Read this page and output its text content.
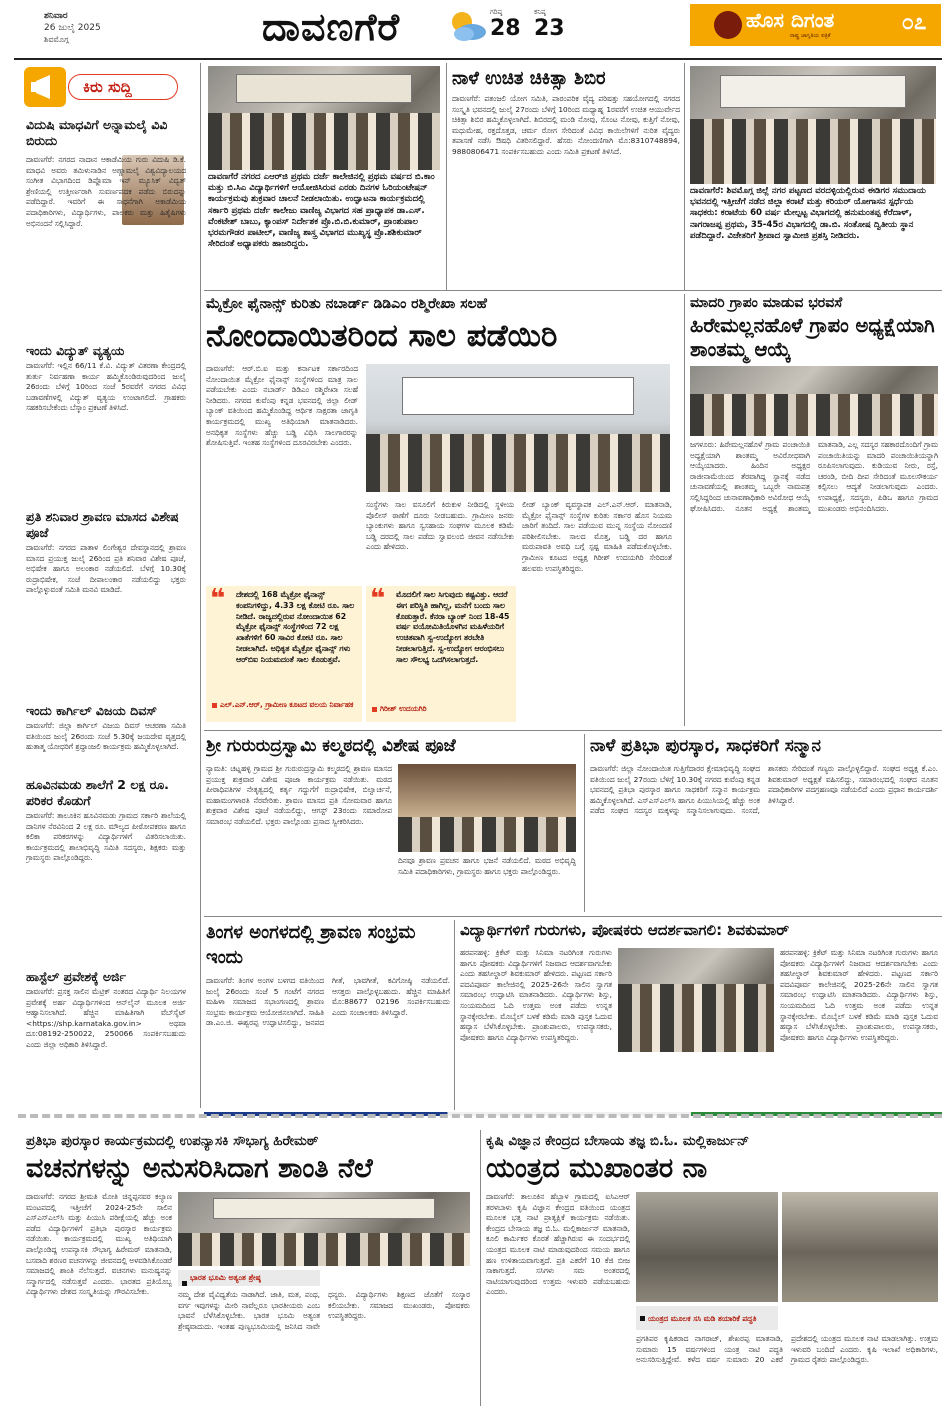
ಶನಿವಾರ
26 ಜುಲೈ 2025
ಶಿವಮೊಗ್ಗ	ದಾವಣಗೆರೆ	ಗರಿಷ್ಠ
28
ಕನಿಷ್ಠ
23	ಹೊಸ ದಿಗಂತ
ರಾಷ್ಟ್ರ ಜಾಗೃತಿಯ ಪತ್ರಿಕೆ
೦೭
ಕಿರು ಸುದ್ದಿ
ವಿದುಷಿ ಮಾಧವಿಗೆ ಅನ್ನಾಮಲೈ ವಿವಿ ಬಿರುದು
ದಾವಣಗೆರೆ: ನಗರದ ನಾದಾನ ಆಕಾಡೆಮಿಯ ಗುರು ವಿದುಷಿ ಡಿ.ಕೆ. ಮಾಧವಿ ಅವರು ತಮಿಳುನಾಡಿನ ಅಣ್ಣಾಮಲೈ ವಿಶ್ವವಿದ್ಯಾಲಯದ ಸಂಗೀತ ವಿಭಾಗದಿಂದ ಡಿಪ್ಲೊಮಾ ಇನ್ ಮ್ಯೂಸಿಕ್ ವಿದ್ವತ್ ಶ್ರೇಣಿಯಲ್ಲಿ ಉತ್ತೀರ್ಣರಾಗಿ ಸುವರ್ಣಪದಕ ಪಡೆದು ಬಿರುದನ್ನು ಪಡೆದಿದ್ದಾರೆ. ಇವರಿಗೆ ಈ ಸಾಧನೆಗಾಗಿ ಅಕಾಡೆಮಿಯ ಪದಾಧಿಕಾರಿಗಳು, ವಿದ್ಯಾರ್ಥಿಗಳು, ಪಾಲಕರು ಮತ್ತು ಹಿತೈಷಿಗಳು ಅಭಿನಂದನೆ ಸಲ್ಲಿಸಿದ್ದಾರೆ.
ಇಂದು ವಿದ್ಯುತ್ ವ್ಯತ್ಯಯ
ದಾವಣಗೆರೆ: ಇಲ್ಲಿನ 66/11 ಕೆ.ವಿ. ವಿದ್ಯುತ್ ವಿತರಣಾ ಕೇಂದ್ರದಲ್ಲಿ ತುರ್ತು ನಿರ್ವಹಣಾ ಕಾರ್ಯ ಹಮ್ಮಿಕೊಂಡಿರುವುದರಿಂದ ಜುಲೈ 26ರಂದು ಬೆಳಿಗ್ಗೆ 10ರಿಂದ ಸಂಜೆ 5ರವರೆಗೆ ನಗರದ ವಿವಿಧ ಬಡಾವಣೆಗಳಲ್ಲಿ ವಿದ್ಯುತ್ ವ್ಯತ್ಯಯ ಉಂಟಾಗಲಿದೆ. ಗ್ರಾಹಕರು ಸಹಕರಿಸಬೇಕೆಂದು ಬೆಸ್ಕಾಂ ಪ್ರಕಟಣೆ ತಿಳಿಸಿದೆ.
ಪ್ರತಿ ಶನಿವಾರ ಶ್ರಾವಣ ಮಾಸದ ವಿಶೇಷ ಪೂಜೆ
ದಾವಣಗೆರೆ: ನಗರದ ಪಾತಾಳ ಲಿಂಗೇಶ್ವರ ದೇವಸ್ಥಾನದಲ್ಲಿ ಶ್ರಾವಣ ಮಾಸದ ಪ್ರಯುಕ್ತ ಜುಲೈ 26ರಿಂದ ಪ್ರತಿ ಶನಿವಾರ ವಿಶೇಷ ಪೂಜೆ, ಅಭಿಷೇಕ ಹಾಗೂ ಅಲಂಕಾರ ನಡೆಯಲಿದೆ. ಬೆಳಗ್ಗೆ 10.30ಕ್ಕೆ ರುದ್ರಾಭಿಷೇಕ, ಸಂಜೆ ದೀಪಾಲಂಕಾರ ನಡೆಯಲಿದ್ದು ಭಕ್ತರು ಪಾಲ್ಗೊಳ್ಳುವಂತೆ ಸಮಿತಿ ಮನವಿ ಮಾಡಿದೆ.
ಇಂದು ಕಾರ್ಗಿಲ್ ವಿಜಯ ದಿವಸ್
ದಾವಣಗೆರೆ: ಜಿಲ್ಲಾ ಕಾರ್ಗಿಲ್ ವಿಜಯ ದಿವಸ್ ಆಚರಣಾ ಸಮಿತಿ ವತಿಯಿಂದ ಜುಲೈ 26ರಂದು ಸಂಜೆ 5.30ಕ್ಕೆ ಜಯದೇವ ವೃತ್ತದಲ್ಲಿ ಹುತಾತ್ಮ ಯೋಧರಿಗೆ ಶ್ರದ್ಧಾಂಜಲಿ ಕಾರ್ಯಕ್ರಮ ಹಮ್ಮಿಕೊಳ್ಳಲಾಗಿದೆ.
ಹೂವಿನಮಡು ಶಾಲೆಗೆ 2 ಲಕ್ಷ ರೂ. ಪರಿಕರ ಕೊಡುಗೆ
ದಾವಣಗೆರೆ: ತಾಲೂಕಿನ ಹೂವಿನಮಡು ಗ್ರಾಮದ ಸರ್ಕಾರಿ ಶಾಲೆಯಲ್ಲಿ ದಾನಿಗಳ ನೆರವಿನಿಂದ 2 ಲಕ್ಷ ರೂ. ಮೌಲ್ಯದ ಪೀಠೋಪಕರಣ ಹಾಗೂ ಕಲಿಕಾ ಪರಿಕರಗಳನ್ನು ವಿದ್ಯಾರ್ಥಿಗಳಿಗೆ ವಿತರಿಸಲಾಯಿತು. ಕಾರ್ಯಕ್ರಮದಲ್ಲಿ ಶಾಲಾಭಿವೃದ್ಧಿ ಸಮಿತಿ ಸದಸ್ಯರು, ಶಿಕ್ಷಕರು ಮತ್ತು ಗ್ರಾಮಸ್ಥರು ಪಾಲ್ಗೊಂಡಿದ್ದರು.
ಹಾಸ್ಟೆಲ್ ಪ್ರವೇಶಕ್ಕೆ ಅರ್ಜಿ
ದಾವಣಗೆರೆ: ಪ್ರಸಕ್ತ ಸಾಲಿನ ಮೆಟ್ರಿಕ್ ನಂತರದ ವಿದ್ಯಾರ್ಥಿ ನಿಲಯಗಳ ಪ್ರವೇಶಕ್ಕೆ ಅರ್ಹ ವಿದ್ಯಾರ್ಥಿಗಳಿಂದ ಆನ್‌ಲೈನ್ ಮೂಲಕ ಅರ್ಜಿ ಆಹ್ವಾನಿಸಲಾಗಿದೆ. ಹೆಚ್ಚಿನ ಮಾಹಿತಿಗಾಗಿ ವೆಬ್‌ಸೈಟ್ <https://shp.karnataka.gov.in> ಅಥವಾ ದೂ:08192-250022, 250066 ಸಂಪರ್ಕಿಸಬಹುದು ಎಂದು ಜಿಲ್ಲಾ ಅಧಿಕಾರಿ ತಿಳಿಸಿದ್ದಾರೆ.
ದಾವಣಗೆರೆ ನಗರದ ಎಆರ್‌ಜಿ ಪ್ರಥಮ ದರ್ಜೆ ಕಾಲೇಜಿನಲ್ಲಿ ಪ್ರಥಮ ವರ್ಷದ ಬಿ.ಕಾಂ ಮತ್ತು ಬಿ.ಸಿಎ ವಿದ್ಯಾರ್ಥಿಗಳಿಗೆ ಆಯೋಜಿಸಿರುವ ಎರಡು ದಿನಗಳ ಓರಿಯಂಟೇಷನ್ ಕಾರ್ಯಕ್ರಮವು ಶುಕ್ರವಾರ ಚಾಲನೆ ನೀಡಲಾಯಿತು. ಉದ್ಘಾಟನಾ ಕಾರ್ಯಕ್ರಮದಲ್ಲಿ ಸರ್ಕಾರಿ ಪ್ರಥಮ ದರ್ಜೆ ಕಾಲೇಜು ವಾಣಿಜ್ಯ ವಿಭಾಗದ ಸಹ ಪ್ರಾಧ್ಯಾಪಕ ಡಾ.ಎಸ್. ವೆಂಕಟೇಶ್ ಬಾಬು, ಕ್ಯಾಂಪಸ್ ನಿರ್ದೇಶಕ ಪ್ರೊ.ಬಿ.ಬಿ.ಕುಮಾರ್, ಪ್ರಾಂಶುಪಾಲ ಭರಮಗೌಡರ ಪಾಟೀಲ್, ವಾಣಿಜ್ಯ ಶಾಸ್ತ್ರ ವಿಭಾಗದ ಮುಖ್ಯಸ್ಥ ಪ್ರೊ.ಶಶಿಕುಮಾರ್ ಸೇರಿದಂತೆ ಅಧ್ಯಾಪಕರು ಹಾಜರಿದ್ದರು.
ನಾಳೆ ಉಚಿತ ಚಿಕಿತ್ಸಾ ಶಿಬಿರ
ದಾವಣಗೆರೆ: ಪತಂಜಲಿ ಯೋಗ ಸಮಿತಿ, ಪಾರಂಪರಿಕ ವೈದ್ಯ ಪರಿಷತ್ತು ಸಹಯೋಗದಲ್ಲಿ ನಗರದ ಸಂಸ್ಕೃತಿ ಭವನದಲ್ಲಿ ಜುಲೈ 27ರಂದು ಬೆಳಿಗ್ಗೆ 10ರಿಂದ ಮಧ್ಯಾಹ್ನ 1ರವರೆಗೆ ಉಚಿತ ಆಯುರ್ವೇದ ಚಿಕಿತ್ಸಾ ಶಿಬಿರ ಹಮ್ಮಿಕೊಳ್ಳಲಾಗಿದೆ. ಶಿಬಿರದಲ್ಲಿ ಮಂಡಿ ನೋವು, ಸೊಂಟ ನೋವು, ಕುತ್ತಿಗೆ ನೋವು, ಮಧುಮೇಹ, ರಕ್ತದೊತ್ತಡ, ಚರ್ಮ ರೋಗ ಸೇರಿದಂತೆ ವಿವಿಧ ಕಾಯಿಲೆಗಳಿಗೆ ನುರಿತ ವೈದ್ಯರು ತಪಾಸಣೆ ನಡೆಸಿ ಔಷಧಿ ವಿತರಿಸಲಿದ್ದಾರೆ. ಹೆಸರು ನೋಂದಣಿಗಾಗಿ ಮೊ:8310748894, 9880806471 ಸಂಪರ್ಕಿಸಬಹುದು ಎಂದು ಸಮಿತಿ ಪ್ರಕಟಣೆ ತಿಳಿಸಿದೆ.
ದಾವಣಗೆರೆ: ಶಿವಮೊಗ್ಗ ಜಿಲ್ಲೆ ನಗರ ಪಟ್ಟಣದ ವರದಳ್ಳಿಯಲ್ಲಿರುವ ಈಡಿಗರ ಸಮುದಾಯ ಭವನದಲ್ಲಿ ಇತ್ತೀಚೆಗೆ ನಡೆದ ಜಿಲ್ಲಾ ಕರಾಟೆ ಮತ್ತು ಕರಿಯರ್ ಯೋಗಾಸನ ಸ್ಪರ್ಧೆಯ ಸಾಧಕರು: ಕರಾಟೆಯ 60 ವರ್ಷ ಮೇಲ್ಪಟ್ಟ ವಿಭಾಗದಲ್ಲಿ ಹನುಮಂತಪ್ಪ ಕೆರೆದಾಳ್, ನಾಗರಾಜಪ್ಪ ಪ್ರಥಮ, 35-45ರ ವಿಭಾಗದಲ್ಲಿ ಡಾ.ಬಿ. ಸಂತೋಷ ದ್ವಿತೀಯ ಸ್ಥಾನ ಪಡೆದಿದ್ದಾರೆ. ವಿಜೇತರಿಗೆ ಶ್ರೀಪಾದ ಸ್ವಾಮೀಜಿ ಪ್ರಶಸ್ತಿ ನೀಡಿದರು.
ಮೈಕ್ರೋ ಫೈನಾನ್ಸ್ ಕುರಿತು ನಬಾರ್ಡ್ ಡಿಡಿಎಂ ರಶ್ಮಿರೇಖಾ ಸಲಹೆ
ನೋಂದಾಯಿತರಿಂದ ಸಾಲ ಪಡೆಯಿರಿ
ದಾವಣಗೆರೆ: ಆರ್.ಬಿ.ಐ ಮತ್ತು ಕರ್ನಾಟಕ ಸರ್ಕಾರದಿಂದ ನೋಂದಾಯಿತ ಮೈಕ್ರೋ ಫೈನಾನ್ಸ್ ಸಂಸ್ಥೆಗಳಿಂದ ಮಾತ್ರ ಸಾಲ ಪಡೆಯಬೇಕು ಎಂದು ನಬಾರ್ಡ್ ಡಿಡಿಎಂ ರಶ್ಮಿರೇಖಾ ಸಲಹೆ ನೀಡಿದರು. ನಗರದ ಕುವೆಂಪು ಕನ್ನಡ ಭವನದಲ್ಲಿ ಜಿಲ್ಲಾ ಲೀಡ್ ಬ್ಯಾಂಕ್ ವತಿಯಿಂದ ಹಮ್ಮಿಕೊಂಡಿದ್ದ ಆರ್ಥಿಕ ಸಾಕ್ಷರತಾ ಜಾಗೃತಿ ಕಾರ್ಯಕ್ರಮದಲ್ಲಿ ಮುಖ್ಯ ಅತಿಥಿಯಾಗಿ ಮಾತನಾಡಿದರು. ಅನಧಿಕೃತ ಸಂಸ್ಥೆಗಳು ಹೆಚ್ಚು ಬಡ್ಡಿ ವಿಧಿಸಿ ಸಾಲಗಾರರನ್ನು ಶೋಷಿಸುತ್ತಿವೆ. ಇಂತಹ ಸಂಸ್ಥೆಗಳಿಂದ ದೂರವಿರಬೇಕು ಎಂದರು.
ಸಂಸ್ಥೆಗಳು ಸಾಲ ವಸೂಲಿಗೆ ಕಿರುಕುಳ ನೀಡಿದಲ್ಲಿ ಸ್ಥಳೀಯ ಪೊಲೀಸ್ ಠಾಣೆಗೆ ದೂರು ನೀಡಬಹುದು. ಗ್ರಾಮೀಣ ಜನರು ಬ್ಯಾಂಕುಗಳು ಹಾಗೂ ಸ್ವಸಹಾಯ ಸಂಘಗಳ ಮೂಲಕ ಕಡಿಮೆ ಬಡ್ಡಿ ದರದಲ್ಲಿ ಸಾಲ ಪಡೆದು ಸ್ವಾವಲಂಬಿ ಜೀವನ ನಡೆಸಬೇಕು ಎಂದು ಹೇಳಿದರು.
ಲೀಡ್ ಬ್ಯಾಂಕ್ ವ್ಯವಸ್ಥಾಪಕ ಎಲ್.ಎನ್.ಆರ್. ಮಾತನಾಡಿ, ಮೈಕ್ರೋ ಫೈನಾನ್ಸ್ ಸಂಸ್ಥೆಗಳ ಕುರಿತು ಸರ್ಕಾರ ಹೊಸ ನಿಯಮ ಜಾರಿಗೆ ತಂದಿದೆ. ಸಾಲ ಪಡೆಯುವ ಮುನ್ನ ಸಂಸ್ಥೆಯ ನೋಂದಣಿ ಪರಿಶೀಲಿಸಬೇಕು. ಸಾಲದ ಮೊತ್ತ, ಬಡ್ಡಿ ದರ ಹಾಗೂ ಮರುಪಾವತಿ ಅವಧಿ ಬಗ್ಗೆ ಸ್ಪಷ್ಟ ಮಾಹಿತಿ ಪಡೆದುಕೊಳ್ಳಬೇಕು. ಗ್ರಾಮೀಣ ಕೂಟದ ಅಧ್ಯಕ್ಷ ಗಿರೀಶ್ ಉದಯಗಿರಿ ಸೇರಿದಂತೆ ಹಲವರು ಉಪಸ್ಥಿತರಿದ್ದರು.
❝	ದೇಶದಲ್ಲಿ 168 ಮೈಕ್ರೋ ಫೈನಾನ್ಸ್ ಕಂಪನಿಗಳಿದ್ದು, 4.33 ಲಕ್ಷ ಕೋಟಿ ರೂ. ಸಾಲ ನೀಡಿದೆ. ರಾಜ್ಯದಲ್ಲಿರುವ ನೋಂದಾಯಿತ 62 ಮೈಕ್ರೋ ಫೈನಾನ್ಸ್ ಸಂಸ್ಥೆಗಳಿಂದ 72 ಲಕ್ಷ ಖಾತೆಗಳಿಗೆ 60 ಸಾವಿರ ಕೋಟಿ ರೂ. ಸಾಲ ನೀಡಲಾಗಿದೆ. ಅಧಿಕೃತ ಮೈಕ್ರೋ ಫೈನಾನ್ಸ್ ಗಳು ಆರ್‌ಬಿಐ ನಿಯಮದಂತೆ ಸಾಲ ಕೊಡುತ್ತವೆ.
ಎಲ್.ಎನ್.ಆರ್, ಗ್ರಾಮೀಣ ಕೂಟದ ವಲಯ ನಿರ್ವಾಹಕ
❝	ಮೊದಲಿಗೆ ಸಾಲ ಸಿಗುವುದು ಕಷ್ಟವಿತ್ತು. ಆದರೆ ಈಗ ಪರಿಸ್ಥಿತಿ ಹಾಗಿಲ್ಲ, ಮನೆಗೆ ಬಂದು ಸಾಲ ಕೊಡುತ್ತಾರೆ. ಕೆನರಾ ಬ್ಯಾಂಕ್ ನಿಂದ 18-45 ವರ್ಷ ವಯೋಮಿತಿಯೊಳಗಿನ ಮಹಿಳೆಯರಿಗೆ ಉಚಿತವಾಗಿ ಸ್ವ-ಉದ್ಯೋಗ ತರಬೇತಿ ನೀಡಲಾಗುತ್ತಿದೆ. ಸ್ವ-ಉದ್ಯೋಗ ಆರಂಭಿಸಲು ಸಾಲ ಸೌಲಭ್ಯ ಒದಗಿಸಲಾಗುತ್ತದೆ.
ಗಿರೀಶ್ ಉದಯಗಿರಿ
ಮಾದರಿ ಗ್ರಾಪಂ ಮಾಡುವ ಭರವಸೆ
ಹಿರೇಮಲ್ಲನಹೊಳೆ ಗ್ರಾಪಂ ಅಧ್ಯಕ್ಷೆಯಾಗಿ ಶಾಂತಮ್ಮ ಆಯ್ಕೆ
ಜಗಳೂರು: ಹಿರೇಮಲ್ಲನಹೊಳೆ ಗ್ರಾಮ ಪಂಚಾಯಿತಿ ಅಧ್ಯಕ್ಷೆಯಾಗಿ ಶಾಂತಮ್ಮ ಅವಿರೋಧವಾಗಿ ಆಯ್ಕೆಯಾದರು. ಹಿಂದಿನ ಅಧ್ಯಕ್ಷರ ರಾಜೀನಾಮೆಯಿಂದ ತೆರವಾಗಿದ್ದ ಸ್ಥಾನಕ್ಕೆ ನಡೆದ ಚುನಾವಣೆಯಲ್ಲಿ ಶಾಂತಮ್ಮ ಒಬ್ಬರೇ ನಾಮಪತ್ರ ಸಲ್ಲಿಸಿದ್ದರಿಂದ ಚುನಾವಣಾಧಿಕಾರಿ ಅವಿರೋಧ ಆಯ್ಕೆ ಘೋಷಿಸಿದರು. ನೂತನ ಅಧ್ಯಕ್ಷೆ ಶಾಂತಮ್ಮ ಮಾತನಾಡಿ, ಎಲ್ಲ ಸದಸ್ಯರ ಸಹಕಾರದೊಂದಿಗೆ ಗ್ರಾಮ ಪಂಚಾಯಿತಿಯನ್ನು ಮಾದರಿ ಪಂಚಾಯಿತಿಯನ್ನಾಗಿ ರೂಪಿಸಲಾಗುವುದು. ಕುಡಿಯುವ ನೀರು, ರಸ್ತೆ, ಚರಂಡಿ, ಬೀದಿ ದೀಪ ಸೇರಿದಂತೆ ಮೂಲಸೌಕರ್ಯ ಕಲ್ಪಿಸಲು ಆದ್ಯತೆ ನೀಡಲಾಗುವುದು ಎಂದರು. ಉಪಾಧ್ಯಕ್ಷೆ, ಸದಸ್ಯರು, ಪಿಡಿಒ ಹಾಗೂ ಗ್ರಾಮದ ಮುಖಂಡರು ಅಭಿನಂದಿಸಿದರು.
ಶ್ರೀ ಗುರುರುದ್ರಸ್ವಾಮಿ ಕಲ್ಮಠದಲ್ಲಿ ವಿಶೇಷ ಪೂಜೆ
ನ್ಯಾಮತಿ: ಚಟ್ನಹಳ್ಳಿ ಗ್ರಾಮದ ಶ್ರೀ ಗುರುರುದ್ರಸ್ವಾಮಿ ಕಲ್ಮಠದಲ್ಲಿ ಶ್ರಾವಣ ಮಾಸದ ಪ್ರಯುಕ್ತ ಶುಕ್ರವಾರ ವಿಶೇಷ ಪೂಜಾ ಕಾರ್ಯಕ್ರಮ ನಡೆಯಿತು. ಮಠದ ಪೀಠಾಧಿಪತಿಗಳ ನೇತೃತ್ವದಲ್ಲಿ ಕರ್ತೃ ಗದ್ದುಗೆಗೆ ರುದ್ರಾಭಿಷೇಕ, ಬಿಲ್ವಾರ್ಚನೆ, ಮಹಾಮಂಗಳಾರತಿ ನೆರವೇರಿತು. ಶ್ರಾವಣ ಮಾಸದ ಪ್ರತಿ ಸೋಮವಾರ ಹಾಗೂ ಶುಕ್ರವಾರ ವಿಶೇಷ ಪೂಜೆ ನಡೆಯಲಿದ್ದು, ಆಗಸ್ಟ್ 23ರಂದು ಸಮಾರೋಪ ಸಮಾರಂಭ ನಡೆಯಲಿದೆ. ಭಕ್ತರು ಪಾಲ್ಗೊಂಡು ಪ್ರಸಾದ ಸ್ವೀಕರಿಸಿದರು.
ದಿನವೂ ಶ್ರಾವಣ ಪ್ರವಚನ ಹಾಗೂ ಭಜನೆ ನಡೆಯಲಿದೆ. ಮಠದ ಅಭಿವೃದ್ಧಿ ಸಮಿತಿ ಪದಾಧಿಕಾರಿಗಳು, ಗ್ರಾಮಸ್ಥರು ಹಾಗೂ ಭಕ್ತರು ಪಾಲ್ಗೊಂಡಿದ್ದರು.
ನಾಳೆ ಪ್ರತಿಭಾ ಪುರಸ್ಕಾರ, ಸಾಧಕರಿಗೆ ಸನ್ಮಾನ
ದಾವಣಗೆರೆ: ಜಿಲ್ಲಾ ನೋಂದಾಯಿತ ಗುತ್ತಿಗೆದಾರರ ಕ್ಷೇಮಾಭಿವೃದ್ಧಿ ಸಂಘದ ವತಿಯಿಂದ ಜುಲೈ 27ರಂದು ಬೆಳಿಗ್ಗೆ 10.30ಕ್ಕೆ ನಗರದ ಕುವೆಂಪು ಕನ್ನಡ ಭವನದಲ್ಲಿ ಪ್ರತಿಭಾ ಪುರಸ್ಕಾರ ಹಾಗೂ ಸಾಧಕರಿಗೆ ಸನ್ಮಾನ ಕಾರ್ಯಕ್ರಮ ಹಮ್ಮಿಕೊಳ್ಳಲಾಗಿದೆ. ಎಸ್‌ಎಸ್‌ಎಲ್‌ಸಿ ಹಾಗೂ ಪಿಯುಸಿಯಲ್ಲಿ ಹೆಚ್ಚು ಅಂಕ ಪಡೆದ ಸಂಘದ ಸದಸ್ಯರ ಮಕ್ಕಳನ್ನು ಸನ್ಮಾನಿಸಲಾಗುವುದು. ಸಂಸದೆ, ಶಾಸಕರು ಸೇರಿದಂತೆ ಗಣ್ಯರು ಪಾಲ್ಗೊಳ್ಳಲಿದ್ದಾರೆ. ಸಂಘದ ಅಧ್ಯಕ್ಷ ಕೆ.ಎಂ. ಶಿವಕುಮಾರ್ ಅಧ್ಯಕ್ಷತೆ ವಹಿಸಲಿದ್ದು, ಸಮಾರಂಭದಲ್ಲಿ ಸಂಘದ ನೂತನ ಪದಾಧಿಕಾರಿಗಳ ಪದಗ್ರಹಣವೂ ನಡೆಯಲಿದೆ ಎಂದು ಪ್ರಧಾನ ಕಾರ್ಯದರ್ಶಿ ತಿಳಿಸಿದ್ದಾರೆ.
ತಿಂಗಳ ಅಂಗಳದಲ್ಲಿ ಶ್ರಾವಣ ಸಂಭ್ರಮ ಇಂದು
ದಾವಣಗೆರೆ: ತಿಂಗಳ ಅಂಗಳ ಬಳಗದ ವತಿಯಿಂದ ಜುಲೈ 26ರಂದು ಸಂಜೆ 5 ಗಂಟೆಗೆ ನಗರದ ಮಹಿಳಾ ಸಮಾಜದ ಸಭಾಂಗಣದಲ್ಲಿ ಶ್ರಾವಣ ಸಂಭ್ರಮ ಕಾರ್ಯಕ್ರಮ ಆಯೋಜಿಸಲಾಗಿದೆ. ಸಾಹಿತಿ ಡಾ.ಎಂ.ಜಿ. ಈಶ್ವರಪ್ಪ ಉದ್ಘಾಟಿಸಲಿದ್ದು, ಜನಪದ ಗೀತೆ, ಭಾವಗೀತೆ, ಕವಿಗೋಷ್ಠಿ ನಡೆಯಲಿದೆ. ಆಸಕ್ತರು ಪಾಲ್ಗೊಳ್ಳಬಹುದು. ಹೆಚ್ಚಿನ ಮಾಹಿತಿಗೆ ಮೊ:88677 02196 ಸಂಪರ್ಕಿಸಬಹುದು ಎಂದು ಸಂಚಾಲಕರು ತಿಳಿಸಿದ್ದಾರೆ.
ವಿದ್ಯಾರ್ಥಿಗಳಿಗೆ ಗುರುಗಳು, ಪೋಷಕರು ಆದರ್ಶವಾಗಲಿ: ಶಿವಕುಮಾರ್
ಹರಪನಹಳ್ಳಿ: ಕ್ರಿಕೆಟ್ ಮತ್ತು ಸಿನಿಮಾ ನಟರಿಗಿಂತ ಗುರುಗಳು ಹಾಗೂ ಪೋಷಕರು ವಿದ್ಯಾರ್ಥಿಗಳಿಗೆ ನಿಜವಾದ ಆದರ್ಶವಾಗಬೇಕು ಎಂದು ತಹಸೀಲ್ದಾರ್ ಶಿವಕುಮಾರ್ ಹೇಳಿದರು. ಪಟ್ಟಣದ ಸರ್ಕಾರಿ ಪದವಿಪೂರ್ವ ಕಾಲೇಜಿನಲ್ಲಿ 2025-26ನೇ ಸಾಲಿನ ಸ್ವಾಗತ ಸಮಾರಂಭ ಉದ್ಘಾಟಿಸಿ ಮಾತನಾಡಿದರು. ವಿದ್ಯಾರ್ಥಿಗಳು ಶಿಸ್ತು, ಸಂಯಮದಿಂದ ಓದಿ ಉತ್ತಮ ಅಂಕ ಪಡೆದು ಉನ್ನತ ಸ್ಥಾನಕ್ಕೇರಬೇಕು. ಮೊಬೈಲ್ ಬಳಕೆ ಕಡಿಮೆ ಮಾಡಿ ಪುಸ್ತಕ ಓದುವ ಹವ್ಯಾಸ ಬೆಳೆಸಿಕೊಳ್ಳಬೇಕು. ಪ್ರಾಂಶುಪಾಲರು, ಉಪನ್ಯಾಸಕರು, ಪೋಷಕರು ಹಾಗೂ ವಿದ್ಯಾರ್ಥಿಗಳು ಉಪಸ್ಥಿತರಿದ್ದರು.
ಹರಪನಹಳ್ಳಿ: ಕ್ರಿಕೆಟ್ ಮತ್ತು ಸಿನಿಮಾ ನಟರಿಗಿಂತ ಗುರುಗಳು ಹಾಗೂ ಪೋಷಕರು ವಿದ್ಯಾರ್ಥಿಗಳಿಗೆ ನಿಜವಾದ ಆದರ್ಶವಾಗಬೇಕು ಎಂದು ತಹಸೀಲ್ದಾರ್ ಶಿವಕುಮಾರ್ ಹೇಳಿದರು. ಪಟ್ಟಣದ ಸರ್ಕಾರಿ ಪದವಿಪೂರ್ವ ಕಾಲೇಜಿನಲ್ಲಿ 2025-26ನೇ ಸಾಲಿನ ಸ್ವಾಗತ ಸಮಾರಂಭ ಉದ್ಘಾಟಿಸಿ ಮಾತನಾಡಿದರು. ವಿದ್ಯಾರ್ಥಿಗಳು ಶಿಸ್ತು, ಸಂಯಮದಿಂದ ಓದಿ ಉತ್ತಮ ಅಂಕ ಪಡೆದು ಉನ್ನತ ಸ್ಥಾನಕ್ಕೇರಬೇಕು. ಮೊಬೈಲ್ ಬಳಕೆ ಕಡಿಮೆ ಮಾಡಿ ಪುಸ್ತಕ ಓದುವ ಹವ್ಯಾಸ ಬೆಳೆಸಿಕೊಳ್ಳಬೇಕು. ಪ್ರಾಂಶುಪಾಲರು, ಉಪನ್ಯಾಸಕರು, ಪೋಷಕರು ಹಾಗೂ ವಿದ್ಯಾರ್ಥಿಗಳು ಉಪಸ್ಥಿತರಿದ್ದರು.
ಪ್ರತಿಭಾ ಪುರಸ್ಕಾರ ಕಾರ್ಯಕ್ರಮದಲ್ಲಿ ಉಪನ್ಯಾಸಕಿ ಸೌಭಾಗ್ಯ ಹಿರೇಮಠ್
ವಚನಗಳನ್ನು ಅನುಸರಿಸಿದಾಗ ಶಾಂತಿ ನೆಲೆ
ದಾವಣಗೆರೆ: ನಗರದ ಶ್ರೀಮತಿ ಮೋತಿ ಚಿನ್ನಪ್ಪನವರ ಕಲ್ಯಾಣ ಮಂಟಪದಲ್ಲಿ ಇತ್ತೀಚೆಗೆ 2024-25ನೇ ಸಾಲಿನ ಎಸ್‌ಎಸ್‌ಎಲ್‌ಸಿ ಮತ್ತು ಪಿಯುಸಿ ಪರೀಕ್ಷೆಯಲ್ಲಿ ಹೆಚ್ಚು ಅಂಕ ಪಡೆದ ವಿದ್ಯಾರ್ಥಿಗಳಿಗೆ ಪ್ರತಿಭಾ ಪುರಸ್ಕಾರ ಕಾರ್ಯಕ್ರಮ ನಡೆಯಿತು. ಕಾರ್ಯಕ್ರಮದಲ್ಲಿ ಮುಖ್ಯ ಅತಿಥಿಯಾಗಿ ಪಾಲ್ಗೊಂಡಿದ್ದ ಉಪನ್ಯಾಸಕಿ ಸೌಭಾಗ್ಯ ಹಿರೇಮಠ್ ಮಾತನಾಡಿ, ಬಸವಾದಿ ಶರಣರ ವಚನಗಳನ್ನು ಜೀವನದಲ್ಲಿ ಅಳವಡಿಸಿಕೊಂಡರೆ ಸಮಾಜದಲ್ಲಿ ಶಾಂತಿ ನೆಲೆಸುತ್ತದೆ. ವಚನಗಳು ಮನುಷ್ಯನನ್ನು ಸನ್ಮಾರ್ಗದಲ್ಲಿ ನಡೆಸುತ್ತವೆ ಎಂದರು. ಭಾರತದ ಪ್ರತಿಯೊಬ್ಬ ವಿದ್ಯಾರ್ಥಿಗಳು ದೇಶದ ಸಂಸ್ಕೃತಿಯನ್ನು ಗೌರವಿಸಬೇಕು.
$^{ಭಾರತ ಭೂಮಿ ಅತ್ಯಂತ ಶ್ರೇಷ್ಠ}$
ನಮ್ಮ ದೇಶ ವೈವಿಧ್ಯತೆಯ ನಾಡಾಗಿದೆ. ಜಾತಿ, ಮತ, ಪಂಥ, ವರ್ಗ ಇವುಗಳನ್ನು ಮೀರಿ ನಾವೆಲ್ಲರೂ ಭಾರತೀಯರು ಎಂಬ ಭಾವನೆ ಬೆಳೆಸಿಕೊಳ್ಳಬೇಕು. ಭಾರತ ಭೂಮಿ ಅತ್ಯಂತ ಶ್ರೇಷ್ಠವಾದುದು. ಇಂತಹ ಪುಣ್ಯಭೂಮಿಯಲ್ಲಿ ಜನಿಸಿದ ನಾವೇ ಧನ್ಯರು. ವಿದ್ಯಾರ್ಥಿಗಳು ಶಿಕ್ಷಣದ ಜೊತೆಗೆ ಸಂಸ್ಕಾರ ಕಲಿಯಬೇಕು. ಸಮಾಜದ ಮುಖಂಡರು, ಪೋಷಕರು ಉಪಸ್ಥಿತರಿದ್ದರು.
ಕೃಷಿ ವಿಜ್ಞಾನ ಕೇಂದ್ರದ ಬೇಸಾಯ ತಜ್ಞ ಬಿ.ಓ. ಮಲ್ಲಿಕಾರ್ಜುನ್
ಯಂತ್ರದ ಮುಖಾಂತರ ನಾ
ದಾವಣಗೆರೆ: ತಾಲೂಕಿನ ಹೆಬ್ಬಾಳ ಗ್ರಾಮದಲ್ಲಿ ಐಸಿಎಆರ್ ತರಳಬಾಳು ಕೃಷಿ ವಿಜ್ಞಾನ ಕೇಂದ್ರದ ವತಿಯಿಂದ ಯಂತ್ರದ ಮೂಲಕ ಭತ್ತ ನಾಟಿ ಪ್ರಾತ್ಯಕ್ಷಿಕೆ ಕಾರ್ಯಕ್ರಮ ನಡೆಯಿತು. ಕೇಂದ್ರದ ಬೇಸಾಯ ತಜ್ಞ ಬಿ.ಓ. ಮಲ್ಲಿಕಾರ್ಜುನ್ ಮಾತನಾಡಿ, ಕೂಲಿ ಕಾರ್ಮಿಕರ ಕೊರತೆ ಹೆಚ್ಚಾಗಿರುವ ಈ ಸಂದರ್ಭದಲ್ಲಿ ಯಂತ್ರದ ಮೂಲಕ ನಾಟಿ ಮಾಡುವುದರಿಂದ ಸಮಯ ಹಾಗೂ ಹಣ ಉಳಿತಾಯವಾಗುತ್ತದೆ. ಪ್ರತಿ ಎಕರೆಗೆ 10 ಕೆಜಿ ಬೀಜ ಸಾಕಾಗುತ್ತದೆ. ಸಸಿಗಳು ಸಮ ಅಂತರದಲ್ಲಿ ನಾಟಿಯಾಗುವುದರಿಂದ ಉತ್ತಮ ಇಳುವರಿ ಪಡೆಯಬಹುದು ಎಂದರು.
ಯಂತ್ರದ ಮೂಲಕ ಸಸಿ ಮಡಿ ತಯಾರಿಕೆ ಪದ್ಧತಿ
ಪ್ರಗತಿಪರ ಕೃಷಿಕರಾದ ನಾಗರಾಜ್, ಶೇಖರಪ್ಪ ಮಾತನಾಡಿ, ಸುಮಾರು 15 ವರ್ಷಗಳಿಂದ ಯಂತ್ರ ನಾಟಿ ಪದ್ಧತಿ ಅನುಸರಿಸುತ್ತಿದ್ದೇವೆ. ಕಳೆದ ವರ್ಷ ಸುಮಾರು 20 ಎಕರೆ ಪ್ರದೇಶದಲ್ಲಿ ಯಂತ್ರದ ಮೂಲಕ ನಾಟಿ ಮಾಡಲಾಗಿತ್ತು. ಉತ್ತಮ ಇಳುವರಿ ಬಂದಿದೆ ಎಂದರು. ಕೃಷಿ ಇಲಾಖೆ ಅಧಿಕಾರಿಗಳು, ಗ್ರಾಮದ ರೈತರು ಪಾಲ್ಗೊಂಡಿದ್ದರು.
